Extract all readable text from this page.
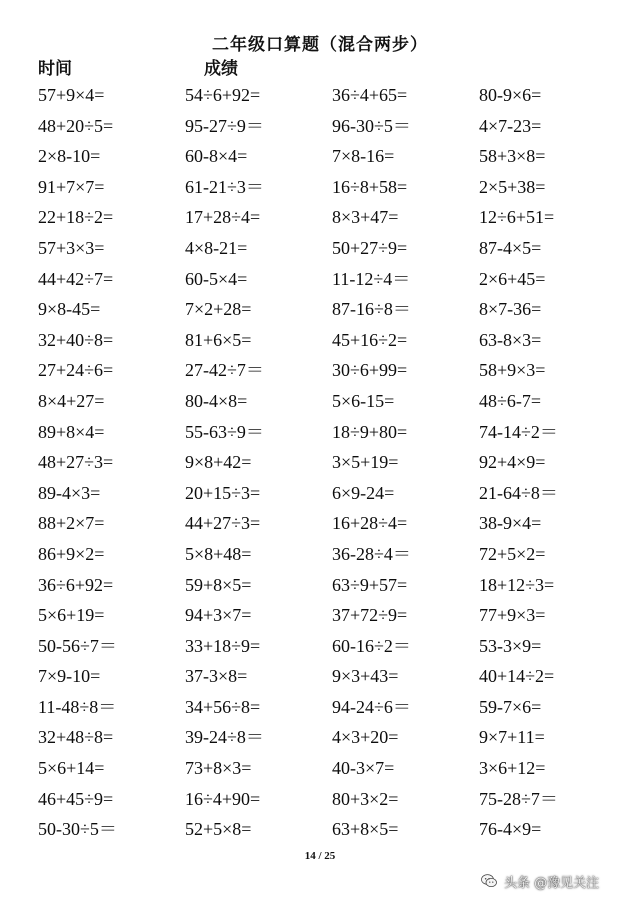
二年级口算题（混合两步）
时间	成绩
57+9×4=	54÷6+92=	36÷4+65=	80-9×6=
48+20÷5=	95-27÷9＝	96-30÷5＝	4×7-23=
2×8-10=	60-8×4=	7×8-16=	58+3×8=
91+7×7=	61-21÷3＝	16÷8+58=	2×5+38=
22+18÷2=	17+28÷4=	8×3+47=	12÷6+51=
57+3×3=	4×8-21=	50+27÷9=	87-4×5=
44+42÷7=	60-5×4=	11-12÷4＝	2×6+45=
9×8-45=	7×2+28=	87-16÷8＝	8×7-36=
32+40÷8=	81+6×5=	45+16÷2=	63-8×3=
27+24÷6=	27-42÷7＝	30÷6+99=	58+9×3=
8×4+27=	80-4×8=	5×6-15=	48÷6-7=
89+8×4=	55-63÷9＝	18÷9+80=	74-14÷2＝
48+27÷3=	9×8+42=	3×5+19=	92+4×9=
89-4×3=	20+15÷3=	6×9-24=	21-64÷8＝
88+2×7=	44+27÷3=	16+28÷4=	38-9×4=
86+9×2=	5×8+48=	36-28÷4＝	72+5×2=
36÷6+92=	59+8×5=	63÷9+57=	18+12÷3=
5×6+19=	94+3×7=	37+72÷9=	77+9×3=
50-56÷7＝	33+18÷9=	60-16÷2＝	53-3×9=
7×9-10=	37-3×8=	9×3+43=	40+14÷2=
11-48÷8＝	34+56÷8=	94-24÷6＝	59-7×6=
32+48÷8=	39-24÷8＝	4×3+20=	9×7+11=
5×6+14=	73+8×3=	40-3×7=	3×6+12=
46+45÷9=	16÷4+90=	80+3×2=	75-28÷7＝
50-30÷5＝	52+5×8=	63+8×5=	76-4×9=
14 / 25
头条 @豫见关注
